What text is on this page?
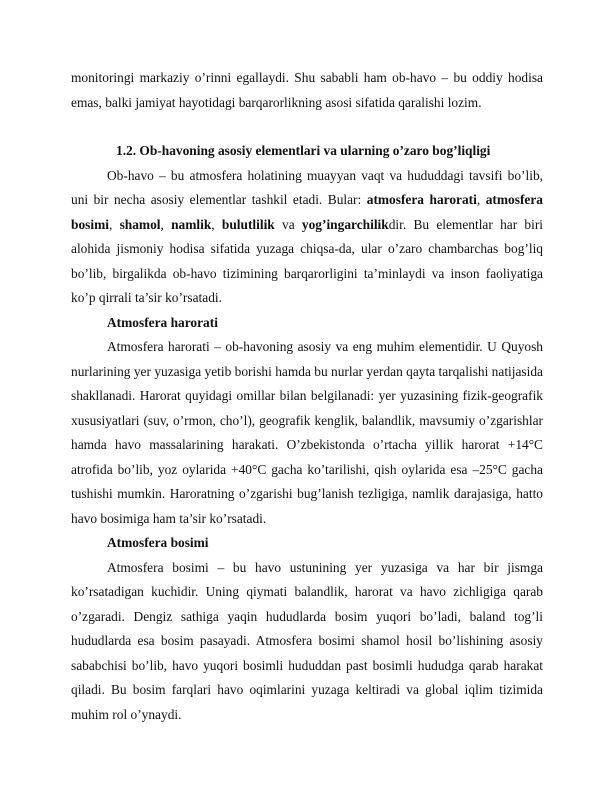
monitoringi markaziy o’rinni egallaydi. Shu sababli ham ob-havo – bu oddiy hodisa emas, balki jamiyat hayotidagi barqarorlikning asosi sifatida qaralishi lozim.

1.2. Ob-havoning asosiy elementlari va ularning o’zaro bog’liqligi

Ob-havo – bu atmosfera holatining muayyan vaqt va hududdagi tavsifi bo’lib, uni bir necha asosiy elementlar tashkil etadi. Bular: atmosfera harorati, atmosfera bosimi, shamol, namlik, bulutlilik va yog’ingarchilikdir. Bu elementlar har biri alohida jismoniy hodisa sifatida yuzaga chiqsa-da, ular o’zaro chambarchas bog’liq bo’lib, birgalikda ob-havo tizimining barqarorligini ta’minlaydi va inson faoliyatiga ko’p qirrali ta’sir ko’rsatadi.

Atmosfera harorati

Atmosfera harorati – ob-havoning asosiy va eng muhim elementidir. U Quyosh nurlarining yer yuzasiga yetib borishi hamda bu nurlar yerdan qayta tarqalishi natijasida shakllanadi. Harorat quyidagi omillar bilan belgilanadi: yer yuzasining fizik-geografik xususiyatlari (suv, o’rmon, cho’l), geografik kenglik, balandlik, mavsumiy o’zgarishlar hamda havo massalarining harakati. O’zbekistonda o’rtacha yillik harorat +14°C atrofida bo’lib, yoz oylarida +40°C gacha ko’tarilishi, qish oylarida esa –25°C gacha tushishi mumkin. Haroratning o’zgarishi bug’lanish tezligiga, namlik darajasiga, hatto havo bosimiga ham ta’sir ko’rsatadi.

Atmosfera bosimi

Atmosfera bosimi – bu havo ustunining yer yuzasiga va har bir jismga ko’rsatadigan kuchidir. Uning qiymati balandlik, harorat va havo zichligiga qarab o’zgaradi. Dengiz sathiga yaqin hududlarda bosim yuqori bo’ladi, baland tog’li hududlarda esa bosim pasayadi. Atmosfera bosimi shamol hosil bo’lishining asosiy sababchisi bo’lib, havo yuqori bosimli hududdan past bosimli hududga qarab harakat qiladi. Bu bosim farqlari havo oqimlarini yuzaga keltiradi va global iqlim tizimida muhim rol o’ynaydi.
